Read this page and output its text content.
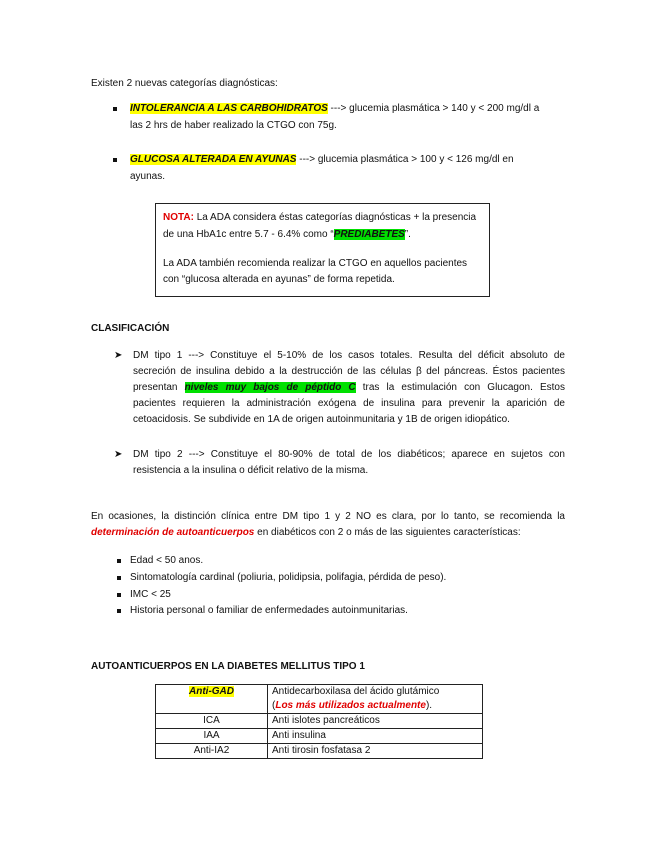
Existen 2 nuevas categorías diagnósticas:
INTOLERANCIA A LAS CARBOHIDRATOS ---> glucemia plasmática > 140 y < 200 mg/dl a
las 2 hrs de haber realizado la CTGO con 75g.
GLUCOSA ALTERADA EN AYUNAS ---> glucemia plasmática > 100 y < 126 mg/dl en
ayunas.
NOTA: La ADA considera éstas categorías diagnósticas + la presencia
de una HbA1c entre 5.7 - 6.4% como “PREDIABETES”.
La ADA también recomienda realizar la CTGO en aquellos pacientes
con “glucosa alterada en ayunas” de forma repetida.
CLASIFICACIÓN
➤ DM tipo 1 ---> Constituye el 5-10% de los casos totales. Resulta del déficit absoluto de
secreción de insulina debido a la destrucción de las células β del páncreas. Éstos pacientes
presentan niveles muy bajos de péptido C tras la estimulación con Glucagon. Estos
pacientes requieren la administración exógena de insulina para prevenir la aparición de
cetoacidosis. Se subdivide en 1A de origen autoinmunitaria y 1B de origen idiopático.
➤ DM tipo 2 ---> Constituye el 80-90% de total de los diabéticos; aparece en sujetos con
resistencia a la insulina o déficit relativo de la misma.
En ocasiones, la distinción clínica entre DM tipo 1 y 2 NO es clara, por lo tanto, se recomienda la
determinación de autoanticuerpos en diabéticos con 2 o más de las siguientes características:
Edad < 50 anos.
Sintomatología cardinal (poliuria, polidipsia, polifagia, pérdida de peso).
IMC < 25
Historia personal o familiar de enfermedades autoinmunitarias.
AUTOANTICUERPOS EN LA DIABETES MELLITUS TIPO 1
Anti-GAD	Antidecarboxilasa del ácido glutámico
(Los más utilizados actualmente).

ICA	Anti islotes pancreáticos
IAA	Anti insulina
Anti-IA2	Anti tirosin fosfatasa 2
